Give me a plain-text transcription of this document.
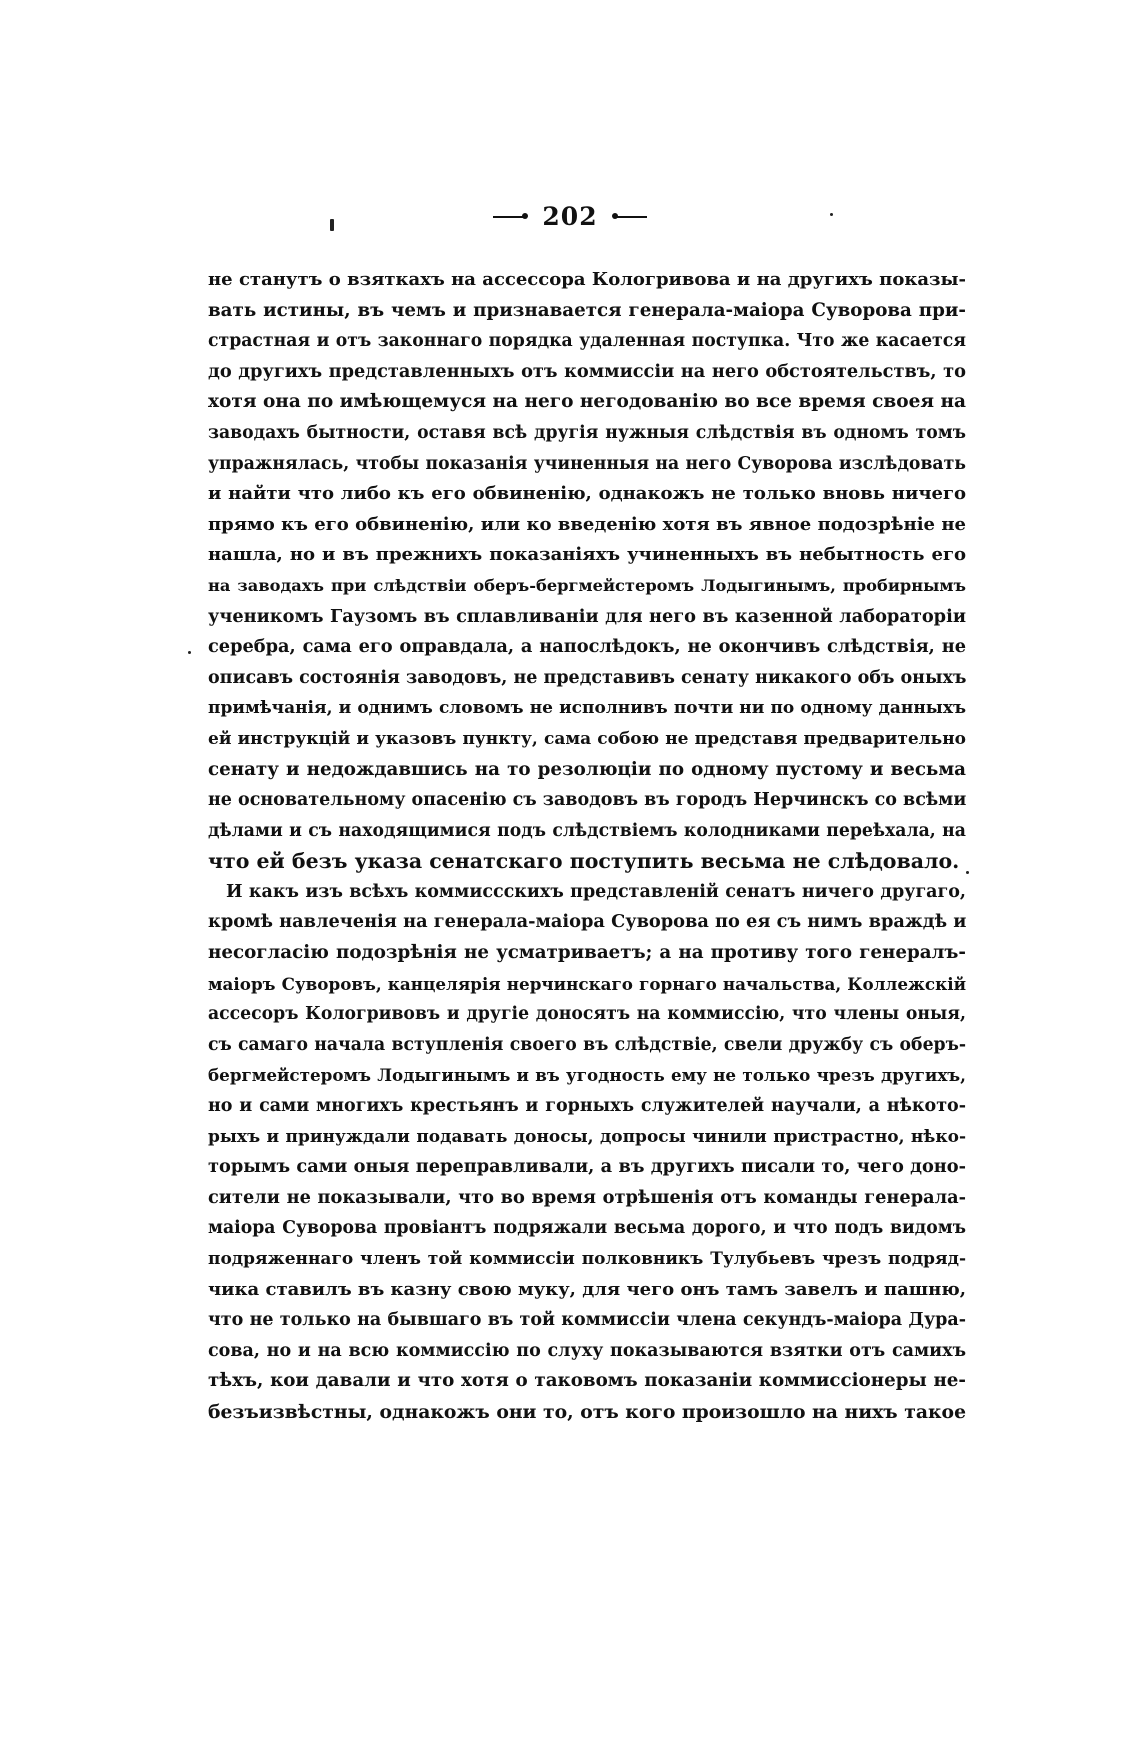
202
не станутъ о взяткахъ на ассессора Кологривова и на другихъ показы-
вать истины, въ чемъ и признавается генерала-маіора Суворова при-
страстная и отъ законнаго порядка удаленная поступка. Что же касается
до другихъ представленныхъ отъ коммиссіи на него обстоятельствъ, то
хотя она по имѣющемуся на него негодованію во все время своея на
заводахъ бытности, оставя всѣ другія нужныя слѣдствія въ одномъ томъ
упражнялась, чтобы показанія учиненныя на него Суворова изслѣдовать
и найти что либо къ его обвиненію, однакожъ не только вновь ничего
прямо къ его обвиненію, или ко введенію хотя въ явное подозрѣніе не
нашла, но и въ прежнихъ показаніяхъ учиненныхъ въ небытность его
на заводахъ при слѣдствіи оберъ-бергмейстеромъ Лодыгинымъ, пробирнымъ
ученикомъ Гаузомъ въ сплавливаніи для него въ казенной лабораторіи
серебра, сама его оправдала, а напослѣдокъ, не окончивъ слѣдствія, не
описавъ состоянія заводовъ, не представивъ сенату никакого объ оныхъ
примѣчанія, и однимъ словомъ не исполнивъ почти ни по одному данныхъ
ей инструкцій и указовъ пункту, сама собою не представя предварительно
сенату и недождавшись на то резолюціи по одному пустому и весьма
не основательному опасенію съ заводовъ въ городъ Нерчинскъ со всѣми
дѣлами и съ находящимися подъ слѣдствіемъ колодниками переѣхала, на
что ей безъ указа сенатскаго поступить весьма не слѣдовало.
И какъ изъ всѣхъ коммиссскихъ представленій сенатъ ничего другаго,
кромѣ навлеченія на генерала-маіора Суворова по ея съ нимъ враждѣ и
несогласію подозрѣнія не усматриваетъ; а на противу того генералъ-
маіоръ Суворовъ, канцелярія нерчинскаго горнаго начальства, Коллежскій
ассесоръ Кологривовъ и другіе доносятъ на коммиссію, что члены оныя,
съ самаго начала вступленія своего въ слѣдствіе, свели дружбу съ оберъ-
бергмейстеромъ Лодыгинымъ и въ угодность ему не только чрезъ другихъ,
но и сами многихъ крестьянъ и горныхъ служителей научали, а нѣкото-
рыхъ и принуждали подавать доносы, допросы чинили пристрастно, нѣко-
торымъ сами оныя переправливали, а въ другихъ писали то, чего доно-
сители не показывали, что во время отрѣшенія отъ команды генерала-
маіора Суворова провіантъ подряжали весьма дорого, и что подъ видомъ
подряженнаго членъ той коммиссіи полковникъ Тулубьевъ чрезъ подряд-
чика ставилъ въ казну свою муку, для чего онъ тамъ завелъ и пашню,
что не только на бывшаго въ той коммиссіи члена секундъ-маіора Дура-
сова, но и на всю коммиссію по слуху показываются взятки отъ самихъ
тѣхъ, кои давали и что хотя о таковомъ показаніи коммиссіонеры не-
безъизвѣстны, однакожъ они то, отъ кого произошло на нихъ такое
